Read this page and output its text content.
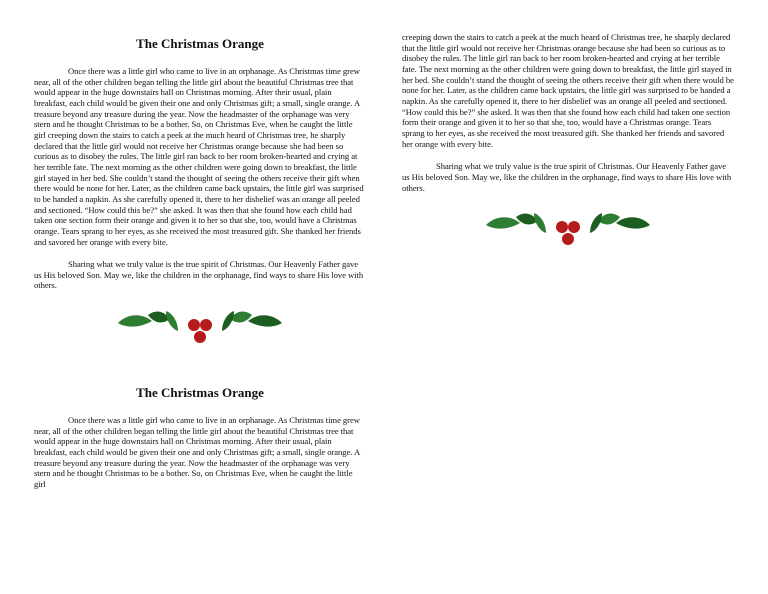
The Christmas Orange

Once there was a little girl who came to live in an orphanage. As Christmas time grew near, all of the other children began telling the little girl about the beautiful Christmas tree that would appear in the huge downstairs hall on Christmas morning. After their usual, plain breakfast, each child would be given their one and only Christmas gift; a small, single orange. A treasure beyond any treasure during the year. Now the headmaster of the orphanage was very stern and he thought Christmas to be a bother. So, on Christmas Eve, when he caught the little girl creeping down the stairs to catch a peek at the much heard of Christmas tree, he sharply declared that the little girl would not receive her Christmas orange because she had been so curious as to disobey the rules. The little girl ran back to her room broken-hearted and crying at her terrible fate. The next morning as the other children were going down to breakfast, the little girl stayed in her bed. She couldn’t stand the thought of seeing the others receive their gift when there would be none for her. Later, as the children came back upstairs, the little girl was surprised to be handed a napkin. As she carefully opened it, there to her disbelief was an orange all peeled and sectioned. “How could this be?” she asked. It was then that she found how each child had taken one section form their orange and given it to her so that she, too, would have a Christmas orange. Tears sprang to her eyes, as she received the most treasured gift. She thanked her friends and savored her orange with every bite.

Sharing what we truly value is the true spirit of Christmas. Our Heavenly Father gave us His beloved Son. May we, like the children in the orphanage, find ways to share His love with others.

The Christmas Orange

Once there was a little girl who came to live in an orphanage. As Christmas time grew near, all of the other children began telling the little girl about the beautiful Christmas tree that would appear in the huge downstairs hall on Christmas morning. After their usual, plain breakfast, each child would be given their one and only Christmas gift; a small, single orange. A treasure beyond any treasure during the year. Now the headmaster of the orphanage was very stern and he thought Christmas to be a bother. So, on Christmas Eve, when he caught the little girl

creeping down the stairs to catch a peek at the much heard of Christmas tree, he sharply declared that the little girl would not receive her Christmas orange because she had been so curious as to disobey the rules. The little girl ran back to her room broken-hearted and crying at her terrible fate. The next morning as the other children were going down to breakfast, the little girl stayed in her bed. She couldn’t stand the thought of seeing the others receive their gift when there would be none for her. Later, as the children came back upstairs, the little girl was surprised to be handed a napkin. As she carefully opened it, there to her disbelief was an orange all peeled and sectioned. “How could this be?” she asked. It was then that she found how each child had taken one section form their orange and given it to her so that she, too, would have a Christmas orange. Tears sprang to her eyes, as she received the most treasured gift. She thanked her friends and savored her orange with every bite.

Sharing what we truly value is the true spirit of Christmas. Our Heavenly Father gave us His beloved Son. May we, like the children in the orphanage, find ways to share His love with others.
